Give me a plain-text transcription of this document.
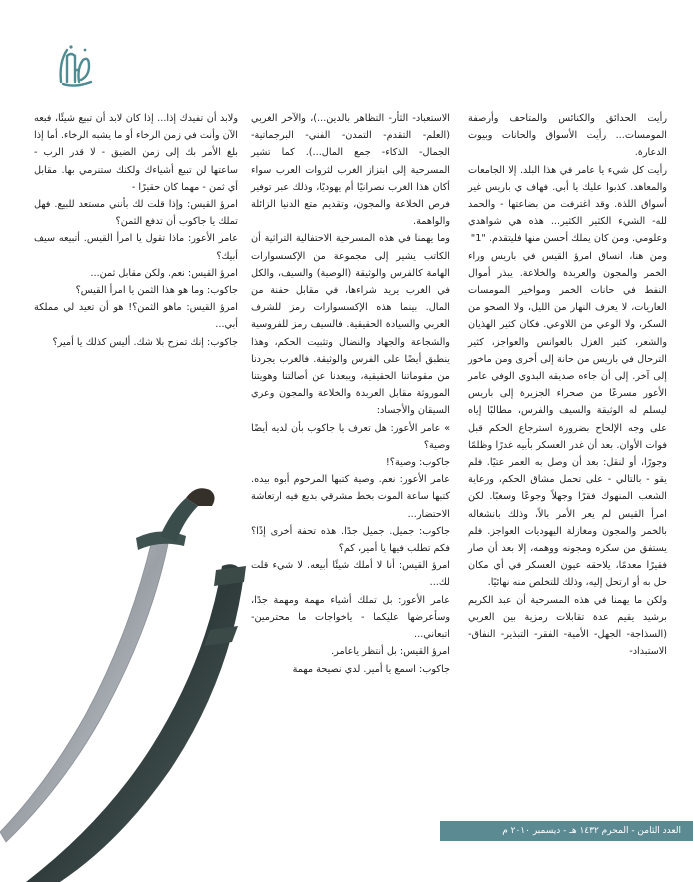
رأيت الحدائق والكنائس والمتاحف وأرصفة المومسات... رأيت الأسواق والحانات وبيوت الدعارة.

رأيت كل شيء يا عامر في هذا البلد. إلا الجامعات والمعاهد. كذبوا عليك يا أبي. فهاف ي باريس غير أسواق اللذة. وقد اغترفت من بضاعتها - والحمد لله- الشيء الكثير الكثير... هذه هي شواهدي وعلومي. ومن كان يملك أحسن منها فليتقدم. "1"

ومن هنا، انساق امرؤ القيس في باريس وراء الخمر والمجون والعربدة والخلاعة. يبذر أموال النفط في حانات الخمر ومواخير المومسات العاريات، لا يعرف النهار من الليل، ولا الصحو من السكر، ولا الوعي من اللاوعي. فكان كثير الهذيان والشعر، كثير الغزل بالعوانس والعواجز، كثير الترحال في باريس من حانة إلى أخرى ومن ماخور إلى آخر. إلى أن جاءه صديقه البدوي الوفي عامر الأعور مسرعًا من صحراء الجزيرة إلى باريس ليسلم له الوثيقة والسيف والفرس، مطالبًا إياه على وجه الإلحاح بضرورة استرجاع الحكم قبل فوات الأوان. بعد أن غدر العسكر بأبيه غدرًا وظلمًا وجورًا، أو لنقل: بعد أن وصل به العمر عتيًا. فلم يقو - بالتالي - على تحمل مشاق الحكم، ورعاية الشعب المنهوك فقرًا وجهلاً وجوعًا وسغبًا. لكن امرأ القيس لم يعر الأمر بالاً، وذلك بانشغاله بالخمر والمجون ومغازلة اليهوديات العواجز. فلم يستفق من سكره ومجونه ووهمه، إلا بعد أن صار فقيرًا معدمًا، يلاحقه عيون العسكر في أي مكان حل به أو ارتحل إليه، وذلك للتخلص منه نهائيًا.

ولكن ما يهمنا في هذه المسرحية أن عبد الكريم برشيد يقيم عدة تقابلات رمزية بين العربي (السذاجة- الجهل- الأمية- الفقر- التبذير- النفاق- الاستبداد-

الاستعباد- الثأر- التظاهر بالدين...)، والآخر الغربي (العلم- التقدم- التمدن- الفني- البرجماتية- الجمال- الذكاء- جمع المال...). كما تشير المسرحية إلى ابتزاز الغرب لثروات العرب سواء أكان هذا الغرب نصرانيًا أم يهوديًا، وذلك عبر توفير فرص الخلاعة والمجون، وتقديم متع الدنيا الزائلة والواهمة.

وما يهمنا في هذه المسرحية الاحتفالية التراثية أن الكاتب يشير إلى مجموعة من الإكسسوارات الهامة كالفرس والوثيقة (الوصية) والسيف، والكل في الغرب يريد شراءها، في مقابل حفنة من المال. بينما هذه الإكسسوارات رمز للشرف العربي والسيادة الحقيقية. فالسيف رمز للفروسية والشجاعة والجهاد والنضال وتثبيت الحكم، وهذا ينطبق أيضًا على الفرس والوثيقة. فالغرب يجردنا من مقوماتنا الحقيقية، ويبعدنا عن أصالتنا وهويتنا الموروثة مقابل العربدة والخلاعة والمجون وعري السيقان والأجساد:

» عامر الأعور: هل تعرف يا جاكوب بأن لديه أيضًا وصية؟

جاكوب: وصية؟!

عامر الأعور: نعم. وصية كتبها المرحوم أبوه بيده. كتبها ساعة الموت بخط مشرقي بديع فيه ارتعاشة الاحتضار...

جاكوب: جميل. جميل جدًا. هذه تحفة أخرى إذًا؟ فكم تطلب فيها يا أمير، كم؟

امرؤ القيس: أنا لا أملك شيئًا أبيعه. لا شيء قلت لك...

عامر الأعور: بل تملك أشياء مهمة ومهمة جدًا، وسأعرضها عليكما - ياخواجات ما محترمين- اتبعاني...

امرؤ القيس: بل أنتظر ياعامر.

جاكوب: اسمع يا أمير. لدي نصيحة مهمة

ولابد أن تفيدك إذا... إذا كان لابد أن تبيع شيئًا، فبعه الآن وأنت في زمن الرخاء أو ما يشبه الرخاء. أما إذا بلغ الأمر بك إلى زمن الضيق - لا قدر الرب - ساعتها لن تبيع أشياءك ولكنك ستنرمي بها. مقابل أي ثمن - مهما كان حقيرًا -

امرؤ القيس: وإذا قلت لك بأنني مستعد للبيع. فهل تملك يا جاكوب أن تدفع الثمن؟

عامر الأعور: ماذا تقول يا امرأ القيس. أتبيعه سيف أبيك؟

امرؤ القيس: نعم. ولكن مقابل ثمن...

جاكوب: وما هو هذا الثمن يا امرأ القيس؟

امرؤ القيس: ماهو الثمن؟! هو أن تعيد لي مملكة أبي...

جاكوب: إنك تمزح بلا شك. أليس كذلك يا أمير؟

العدد الثامن - المحرم ١٤٣٢ هـ - ديسمبر ٢٠١٠ م
